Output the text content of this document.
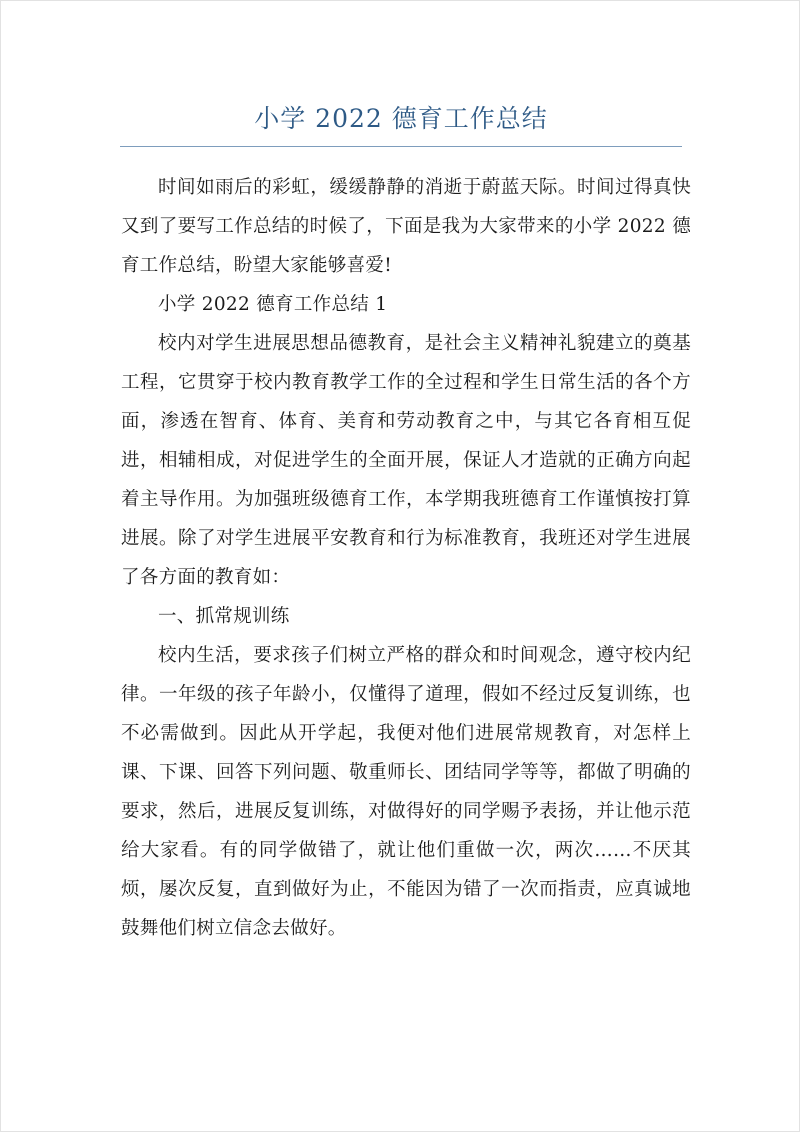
小学 2022 德育工作总结

时间如雨后的彩虹，缓缓静静的消逝于蔚蓝天际。时间过得真快又到了要写工作总结的时候了，下面是我为大家带来的小学 2022 德育工作总结，盼望大家能够喜爱!

小学 2022 德育工作总结 1

校内对学生进展思想品德教育，是社会主义精神礼貌建立的奠基工程，它贯穿于校内教育教学工作的全过程和学生日常生活的各个方面，渗透在智育、体育、美育和劳动教育之中，与其它各育相互促进，相辅相成，对促进学生的全面开展，保证人才造就的正确方向起着主导作用。为加强班级德育工作，本学期我班德育工作谨慎按打算进展。除了对学生进展平安教育和行为标准教育，我班还对学生进展了各方面的教育如：

一、抓常规训练

校内生活，要求孩子们树立严格的群众和时间观念，遵守校内纪律。一年级的孩子年龄小，仅懂得了道理，假如不经过反复训练，也不必需做到。因此从开学起，我便对他们进展常规教育，对怎样上课、下课、回答下列问题、敬重师长、团结同学等等，都做了明确的要求，然后，进展反复训练，对做得好的同学赐予表扬，并让他示范给大家看。有的同学做错了，就让他们重做一次，两次……不厌其烦，屡次反复，直到做好为止，不能因为错了一次而指责，应真诚地鼓舞他们树立信念去做好。
